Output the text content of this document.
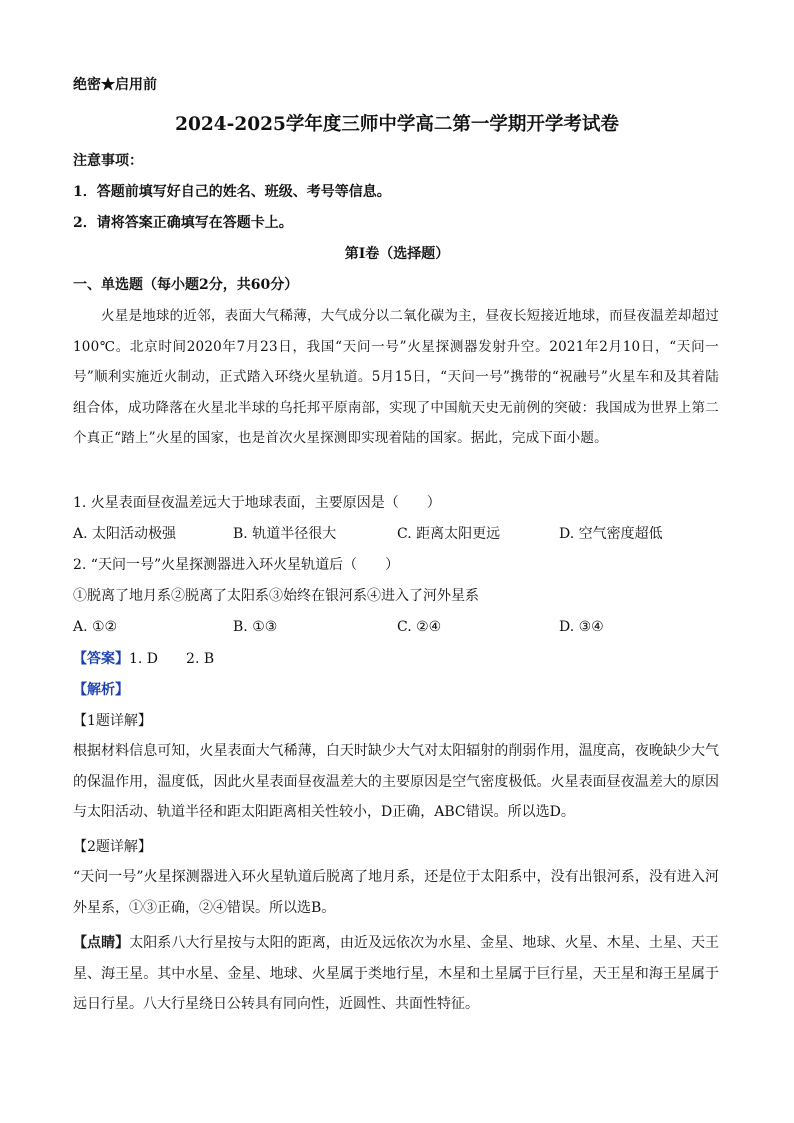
绝密★启用前
2024-2025学年度三师中学高二第一学期开学考试卷
注意事项：
1．答题前填写好自己的姓名、班级、考号等信息。
2．请将答案正确填写在答题卡上。
第I卷（选择题）
一、单选题（每小题2分，共60分）
火星是地球的近邻，表面大气稀薄，大气成分以二氧化碳为主，昼夜长短接近地球，而昼夜温差却超过100℃。北京时间2020年7月23日，我国“天问一号”火星探测器发射升空。2021年2月10日，“天问一号”顺利实施近火制动，正式踏入环绕火星轨道。5月15日，“天问一号”携带的“祝融号”火星车和及其着陆组合体，成功降落在火星北半球的乌托邦平原南部，实现了中国航天史无前例的突破：我国成为世界上第二个真正“踏上”火星的国家，也是首次火星探测即实现着陆的国家。据此，完成下面小题。
1. 火星表面昼夜温差远大于地球表面，主要原因是（　　）
A. 太阳活动极强	B. 轨道半径很大	C. 距离太阳更远	D. 空气密度超低
2. “天问一号”火星探测器进入环火星轨道后（　　）
①脱离了地月系②脱离了太阳系③始终在银河系④进入了河外星系
A. ①②	B. ①③	C. ②④	D. ③④
【答案】1. D　　2. B
【解析】
【1题详解】
根据材料信息可知，火星表面大气稀薄，白天时缺少大气对太阳辐射的削弱作用，温度高，夜晚缺少大气的保温作用，温度低，因此火星表面昼夜温差大的主要原因是空气密度极低。火星表面昼夜温差大的原因与太阳活动、轨道半径和距太阳距离相关性较小，D正确，ABC错误。所以选D。
【2题详解】
“天问一号”火星探测器进入环火星轨道后脱离了地月系，还是位于太阳系中，没有出银河系，没有进入河外星系，①③正确，②④错误。所以选B。
【点睛】太阳系八大行星按与太阳的距离，由近及远依次为水星、金星、地球、火星、木星、土星、天王星、海王星。其中水星、金星、地球、火星属于类地行星，木星和土星属于巨行星，天王星和海王星属于远日行星。八大行星绕日公转具有同向性，近圆性、共面性特征。
